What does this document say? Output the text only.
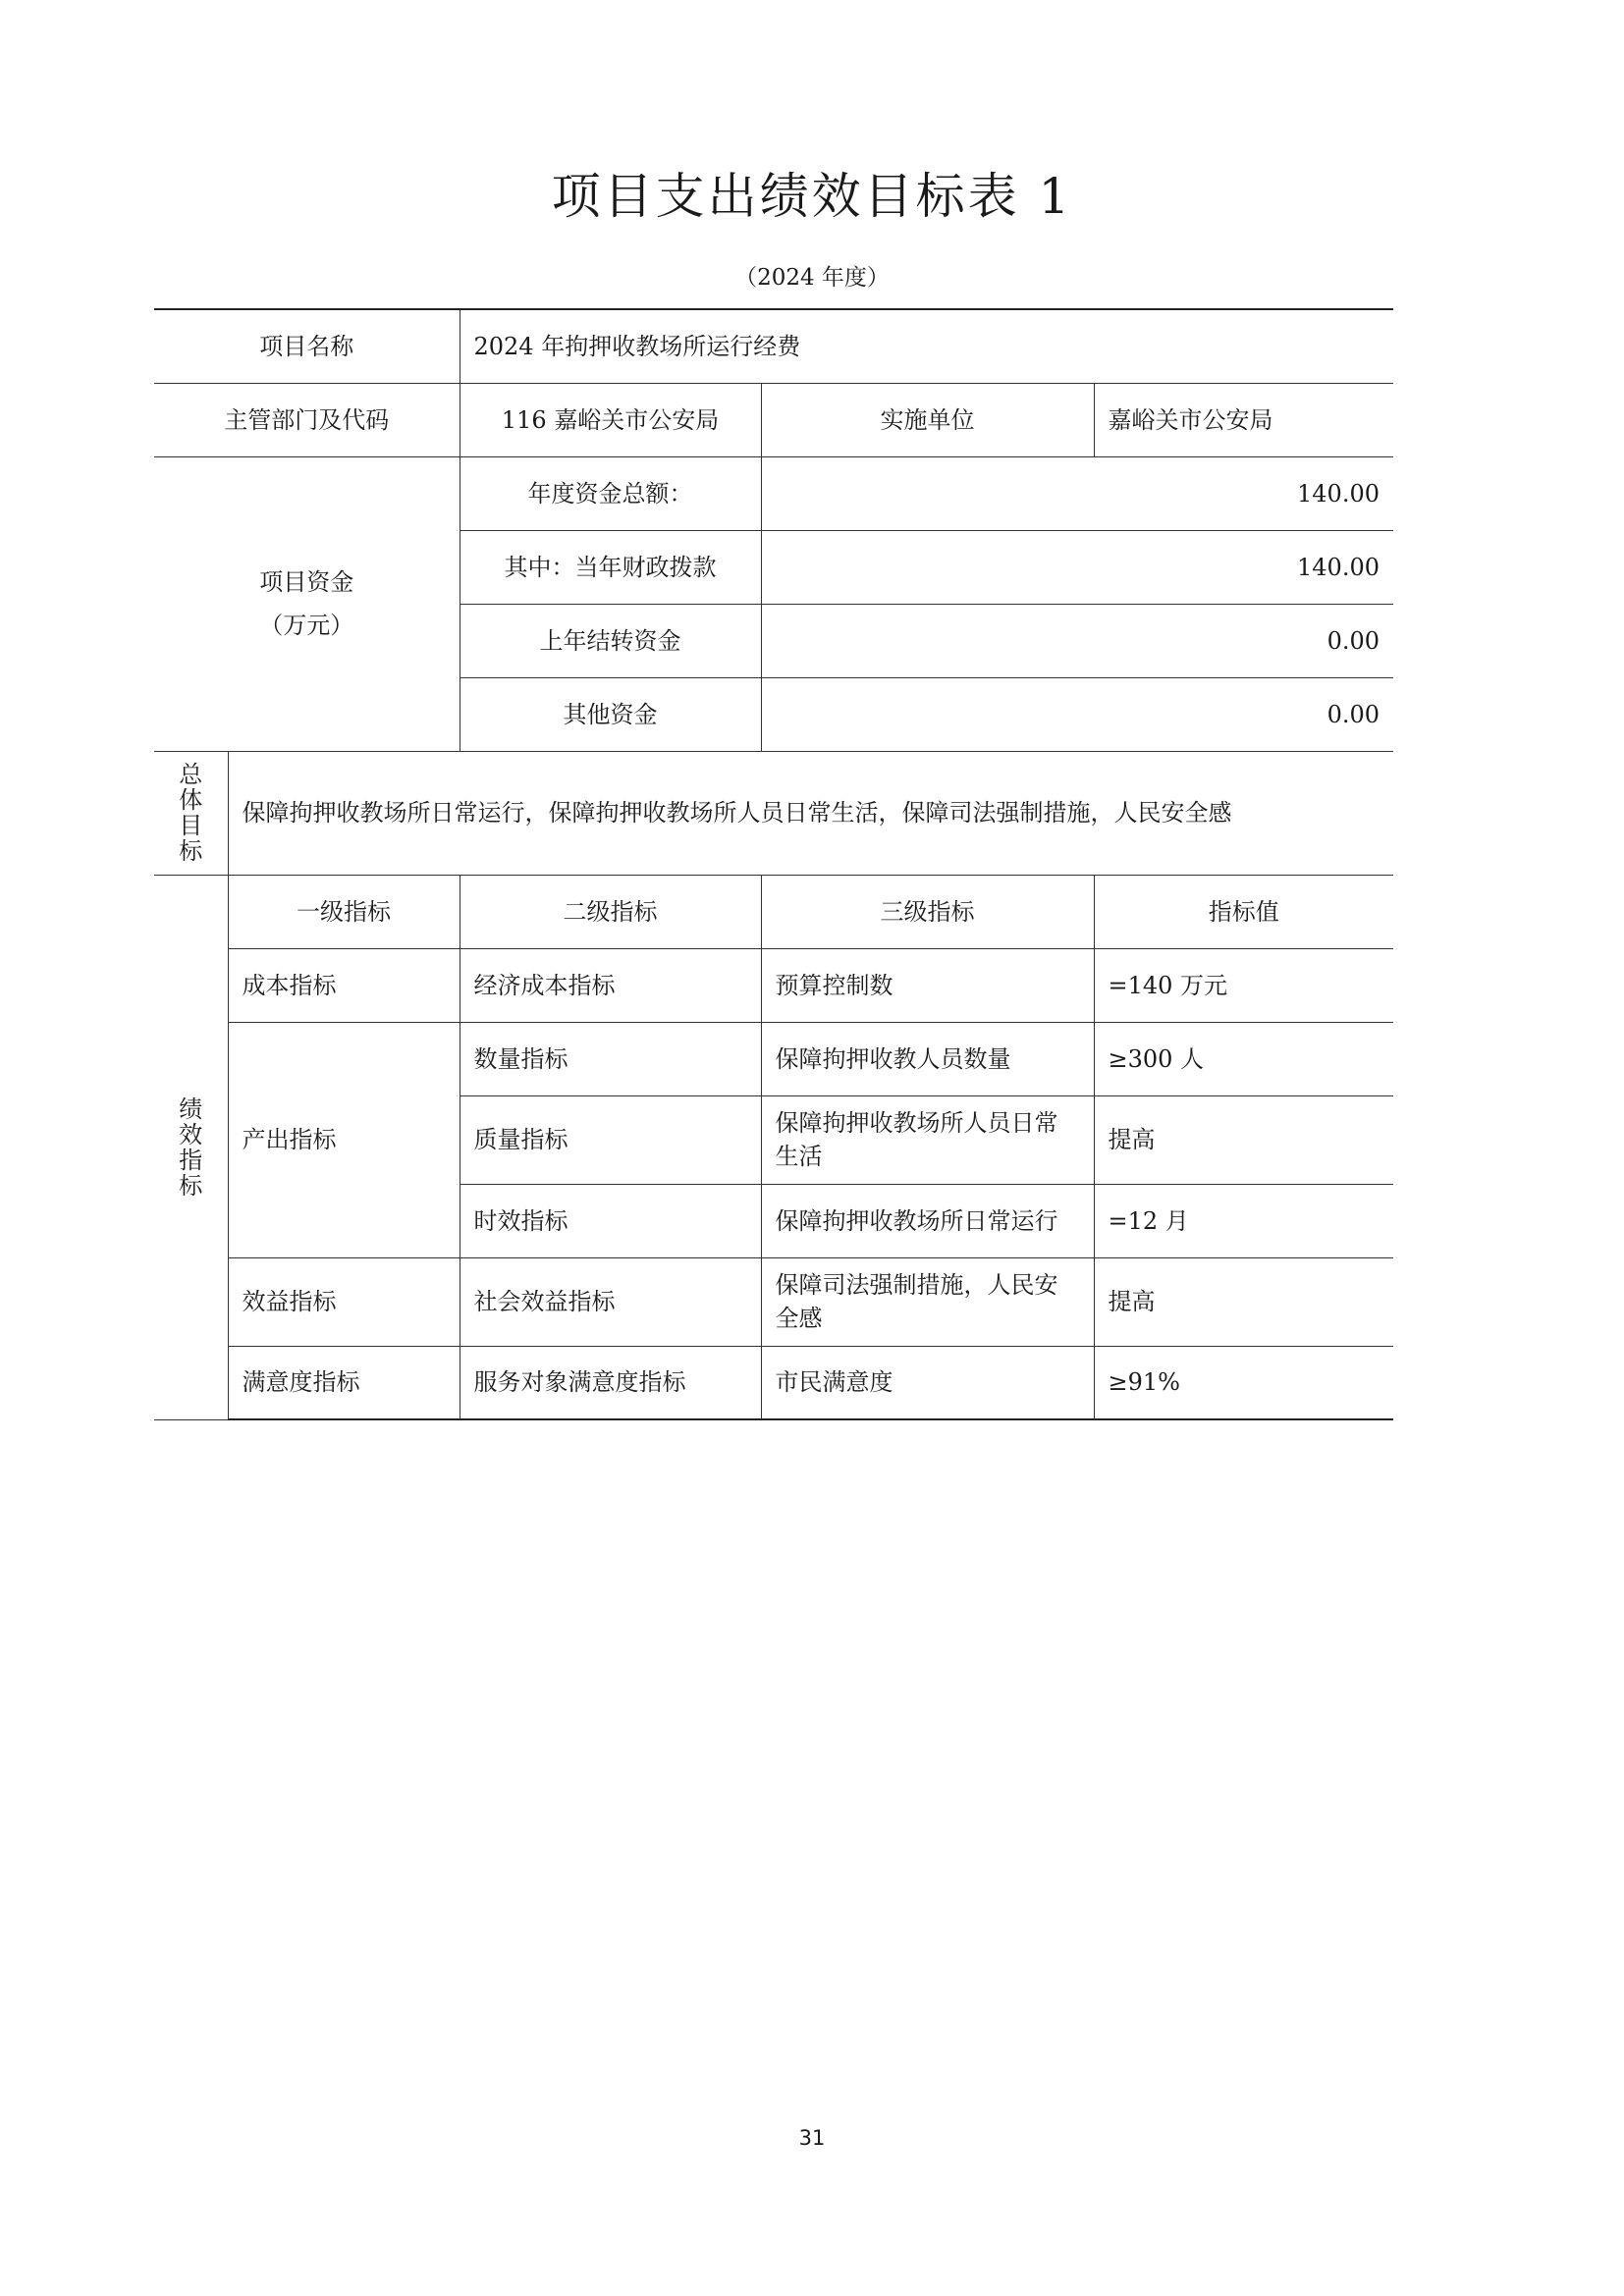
项目支出绩效目标表 1
（2024 年度）
项目名称		2024 年拘押收教场所运行经费		
主管部门及代码		116 嘉峪关市公安局	实施单位	嘉峪关市公安局

项目资金
（万元）		年度资金总额：	140.00	
		其中：当年财政拨款	140.00	
		上年结转资金	0.00	
		其他资金	0.00	

总
体
目
标	保障拘押收教场所日常运行，保障拘押收教场所人员日常生活，保障司法强制措施，人民安全感			

绩
效
指
标	一级指标	二级指标	三级指标	指标值
	成本指标	经济成本指标	预算控制数	=140 万元
	产出指标	数量指标	保障拘押收教人员数量	≥300 人
		质量指标	保障拘押收教场所人员日常
生活	提高
		时效指标	保障拘押收教场所日常运行	=12 月
	效益指标	社会效益指标	保障司法强制措施，人民安
全感	提高
	满意度指标	服务对象满意度指标	市民满意度	≥91%
31
